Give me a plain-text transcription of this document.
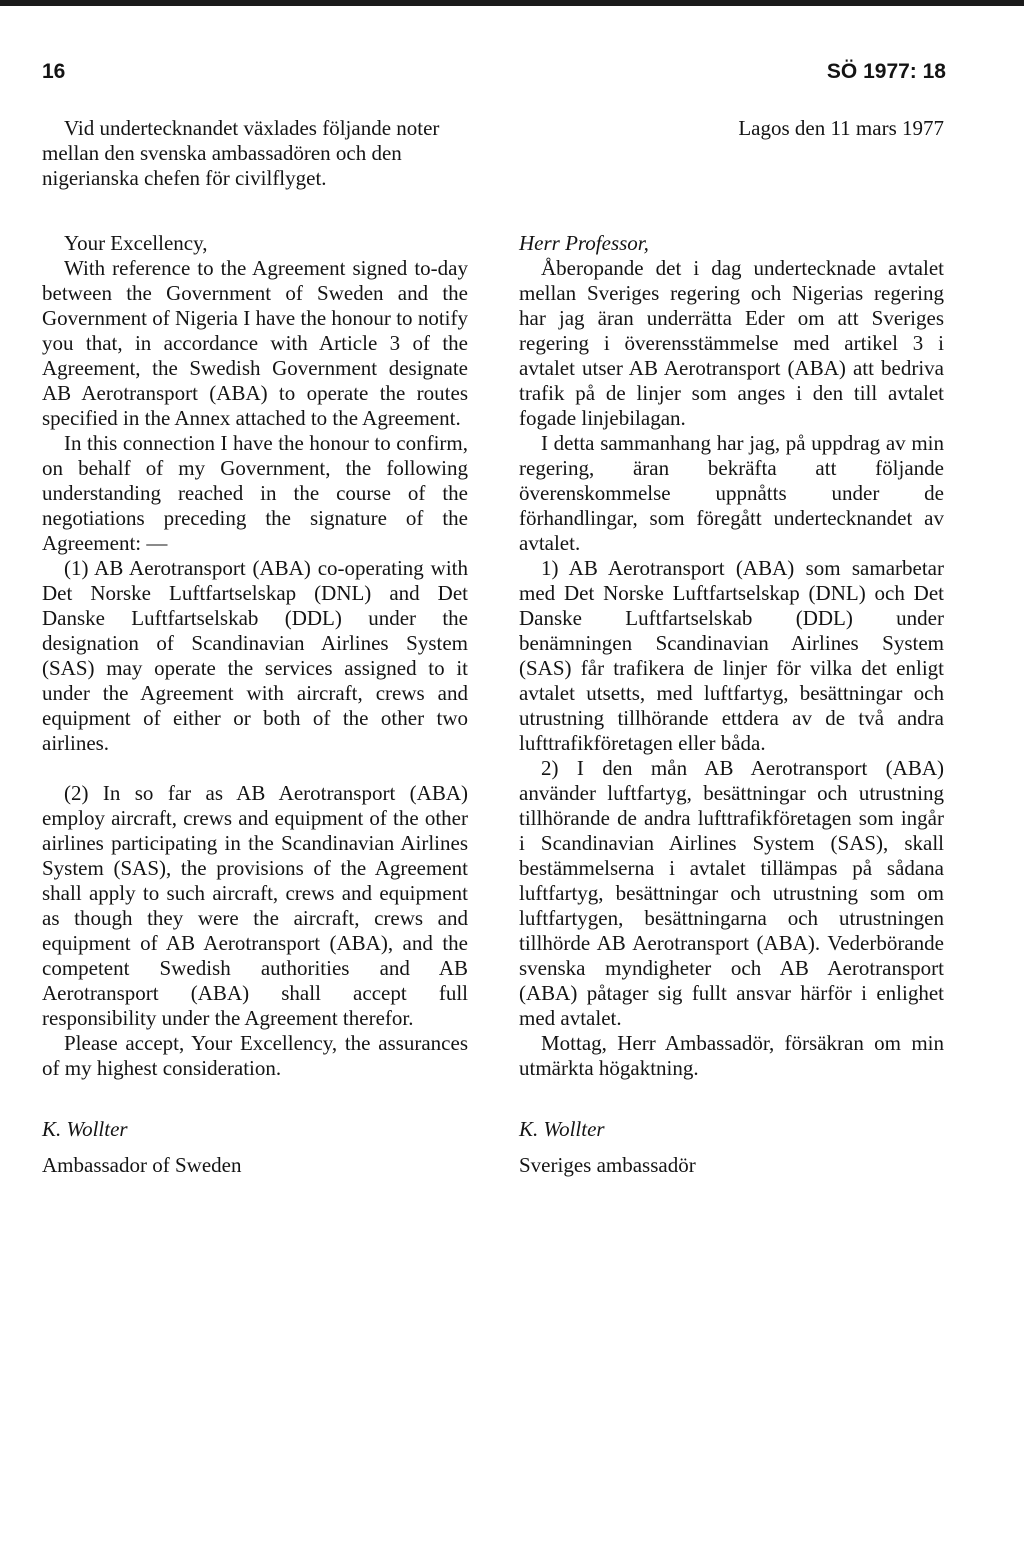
16	SÖ 1977: 18

Vid undertecknandet växlades följande noter mellan den svenska ambassadören och den nigerianska chefen för civilflyget.

Your Excellency,

With reference to the Agreement signed to-day between the Government of Sweden and the Government of Nigeria I have the honour to notify you that, in accordance with Article 3 of the Agreement, the Swedish Government designate AB Aerotransport (ABA) to operate the routes specified in the Annex attached to the Agreement.

In this connection I have the honour to confirm, on behalf of my Government, the following understanding reached in the course of the negotiations preceding the signature of the Agreement: —

(1) AB Aerotransport (ABA) co-operating with Det Norske Luftfartselskap (DNL) and Det Danske Luftfartselskab (DDL) under the designation of Scandinavian Airlines System (SAS) may operate the services assigned to it under the Agreement with aircraft, crews and equipment of either or both of the other two airlines.

(2) In so far as AB Aerotransport (ABA) employ aircraft, crews and equipment of the other airlines participating in the Scandinavian Airlines System (SAS), the provisions of the Agreement shall apply to such aircraft, crews and equipment as though they were the aircraft, crews and equipment of AB Aerotransport (ABA), and the competent Swedish authorities and AB Aerotransport (ABA) shall accept full responsibility under the Agreement therefor.

Please accept, Your Excellency, the assurances of my highest consideration.

K. Wollter

Ambassador of Sweden

Lagos den 11 mars 1977

Herr Professor,

Åberopande det i dag undertecknade avtalet mellan Sveriges regering och Nigerias regering har jag äran underrätta Eder om att Sveriges regering i överensstämmelse med artikel 3 i avtalet utser AB Aerotransport (ABA) att bedriva trafik på de linjer som anges i den till avtalet fogade linjebilagan.

I detta sammanhang har jag, på uppdrag av min regering, äran bekräfta att följande överenskommelse uppnåtts under de förhandlingar, som föregått undertecknandet av avtalet.

1) AB Aerotransport (ABA) som samarbetar med Det Norske Luftfartselskap (DNL) och Det Danske Luftfartselskab (DDL) under benämningen Scandinavian Airlines System (SAS) får trafikera de linjer för vilka det enligt avtalet utsetts, med luftfartyg, besättningar och utrustning tillhörande ettdera av de två andra lufttrafikföretagen eller båda.

2) I den mån AB Aerotransport (ABA) använder luftfartyg, besättningar och utrustning tillhörande de andra lufttrafikföretagen som ingår i Scandinavian Airlines System (SAS), skall bestämmelserna i avtalet tillämpas på sådana luftfartyg, besättningar och utrustning som om luftfartygen, besättningarna och utrustningen tillhörde AB Aerotransport (ABA). Vederbörande svenska myndigheter och AB Aerotransport (ABA) påtager sig fullt ansvar härför i enlighet med avtalet.

Mottag, Herr Ambassadör, försäkran om min utmärkta högaktning.

K. Wollter

Sveriges ambassadör
